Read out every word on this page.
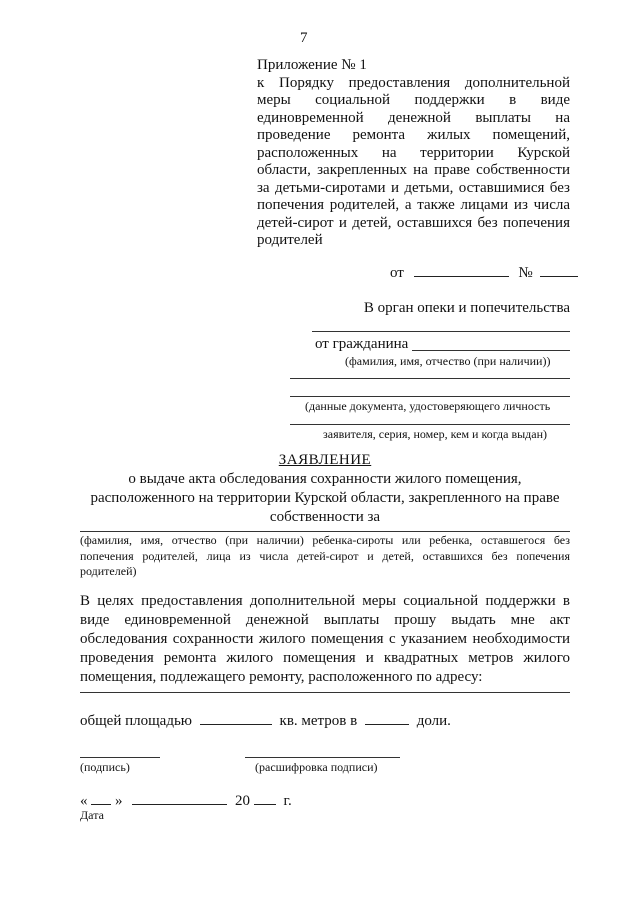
7
Приложение № 1
к Порядку предоставления дополнительной
меры социальной поддержки в виде
единовременной денежной выплаты на
проведение ремонта жилых помещений,
расположенных на территории Курской
области, закрепленных на праве собственности
за детьми-сиротами и детьми, оставшимися без
попечения родителей, а также лицами из числа
детей-сирот и детей, оставшихся без попечения
родителей
от	№
В орган опеки и попечительства
от гражданина
(фамилия, имя, отчество (при наличии))
(данные документа, удостоверяющего личность
заявителя, серия, номер, кем и когда выдан)
ЗАЯВЛЕНИЕ
о выдаче акта обследования сохранности жилого помещения,
расположенного на территории Курской области, закрепленного на праве
собственности за
(фамилия, имя, отчество (при наличии) ребенка-сироты или ребенка, оставшегося без
попечения родителей, лица из числа детей-сирот и детей, оставшихся без попечения
родителей)
В целях предоставления дополнительной меры социальной поддержки в
виде единовременной денежной выплаты прошу выдать мне акт
обследования сохранности жилого помещения с указанием необходимости
проведения ремонта жилого помещения и квадратных метров жилого
помещения, подлежащего ремонту, расположенного по адресу:
общей площадью	кв. метров в	доли.
(подпись)	(расшифровка подписи)
« »	20 г.
Дата
